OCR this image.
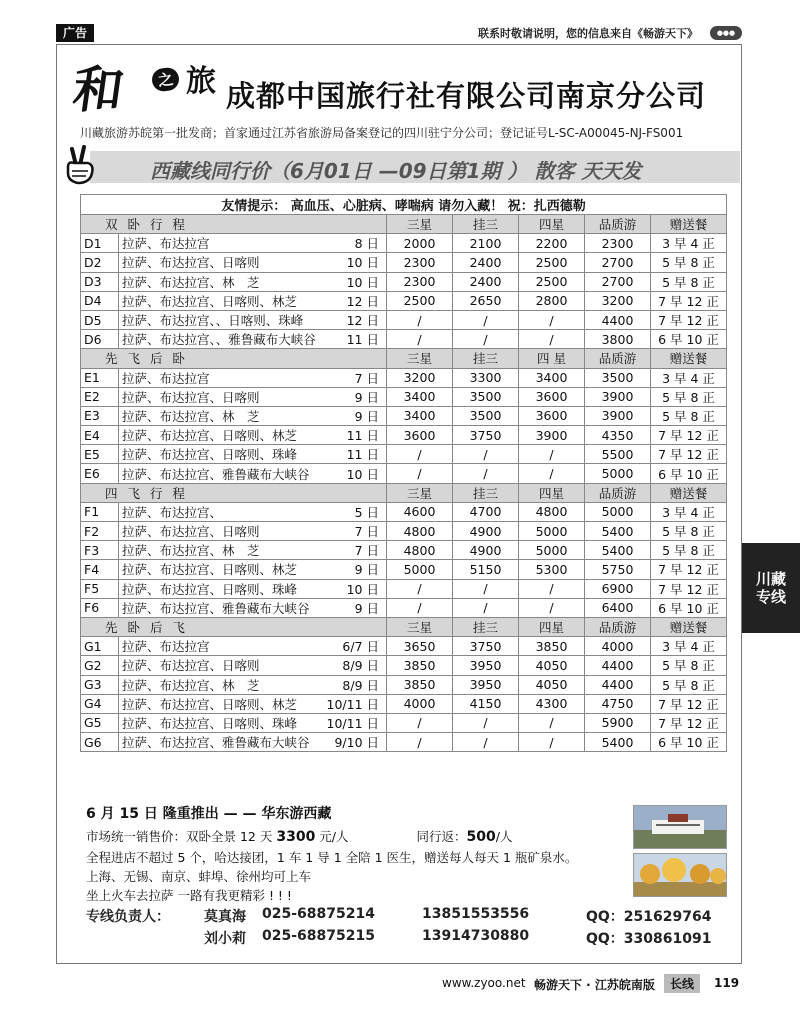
广告	联系时敬请说明，您的信息来自《畅游天下》	●●●
和	之 旅 成都中国旅行社有限公司南京分公司
川藏旅游苏皖第一批发商；首家通过江苏省旅游局备案登记的四川驻宁分公司；登记证号L-SC-A00045-NJ-FS001
西藏线同行价（6月01日 —09日第1期 ） 散客 天天发
友情提示： 高血压、心脏病、哮喘病 请勿入藏！ 祝：扎西德勒						
双 卧 行 程		三星	挂三	四星	品质游	赠送餐
D1	拉萨、布达拉宫 8 日	2000	2100	2200	2300	3 早 4 正
D2	拉萨、布达拉宫、日喀则 10 日	2300	2400	2500	2700	5 早 8 正
D3	拉萨、布达拉宫、林　芝 10 日	2300	2400	2500	2700	5 早 8 正
D4	拉萨、布达拉宫、日喀则、林芝 12 日	2500	2650	2800	3200	7 早 12 正
D5	拉萨、布达拉宫、、日喀则、珠峰 12 日	/	/	/	4400	7 早 12 正
D6	拉萨、布达拉宫、、雅鲁藏布大峡谷 11 日	/	/	/	3800	6 早 10 正
先 飞 后 卧		三星	挂三	四 星	品质游	赠送餐
E1	拉萨、布达拉宫 7 日	3200	3300	3400	3500	3 早 4 正
E2	拉萨、布达拉宫、日喀则 9 日	3400	3500	3600	3900	5 早 8 正
E3	拉萨、布达拉宫、林　芝 9 日	3400	3500	3600	3900	5 早 8 正
E4	拉萨、布达拉宫、日喀则、林芝 11 日	3600	3750	3900	4350	7 早 12 正
E5	拉萨、布达拉宫、日喀则、珠峰 11 日	/	/	/	5500	7 早 12 正
E6	拉萨、布达拉宫、雅鲁藏布大峡谷 10 日	/	/	/	5000	6 早 10 正
四 飞 行 程		三星	挂三	四星	品质游	赠送餐
F1	拉萨、布达拉宫、 5 日	4600	4700	4800	5000	3 早 4 正
F2	拉萨、布达拉宫、日喀则 7 日	4800	4900	5000	5400	5 早 8 正
F3	拉萨、布达拉宫、林　芝 7 日	4800	4900	5000	5400	5 早 8 正
F4	拉萨、布达拉宫、日喀则、林芝 9 日	5000	5150	5300	5750	7 早 12 正
F5	拉萨、布达拉宫、日喀则、珠峰 10 日	/	/	/	6900	7 早 12 正
F6	拉萨、布达拉宫、雅鲁藏布大峡谷 9 日	/	/	/	6400	6 早 10 正
先 卧 后 飞		三星	挂三	四星	品质游	赠送餐
G1	拉萨、布达拉宫 6/7 日	3650	3750	3850	4000	3 早 4 正
G2	拉萨、布达拉宫、日喀则 8/9 日	3850	3950	4050	4400	5 早 8 正
G3	拉萨、布达拉宫、林　芝 8/9 日	3850	3950	4050	4400	5 早 8 正
G4	拉萨、布达拉宫、日喀则、林芝 10/11 日	4000	4150	4300	4750	7 早 12 正
G5	拉萨、布达拉宫、日喀则、珠峰 10/11 日	/	/	/	5900	7 早 12 正
G6	拉萨、布达拉宫、雅鲁藏布大峡谷 9/10 日	/	/	/	5400	6 早 10 正
6 月 15 日 隆重推出 — — 华东游西藏
市场统一销售价：双卧全景 12 天 3300 元/人	同行返：500/人
全程进店不超过 5 个，哈达接团，1 车 1 导 1 全陪 1 医生，赠送每人每天 1 瓶矿泉水。
上海、无锡、南京、蚌埠、徐州均可上车
坐上火车去拉萨 一路有我更精彩 ! ! !
专线负责人： 莫真海 025-68875214	13851553556	QQ：251629764
刘小莉 025-68875215	13914730880	QQ：330861091
川藏
专线
www.zyoo.net 畅游天下 · 江苏皖南版	长线	119
